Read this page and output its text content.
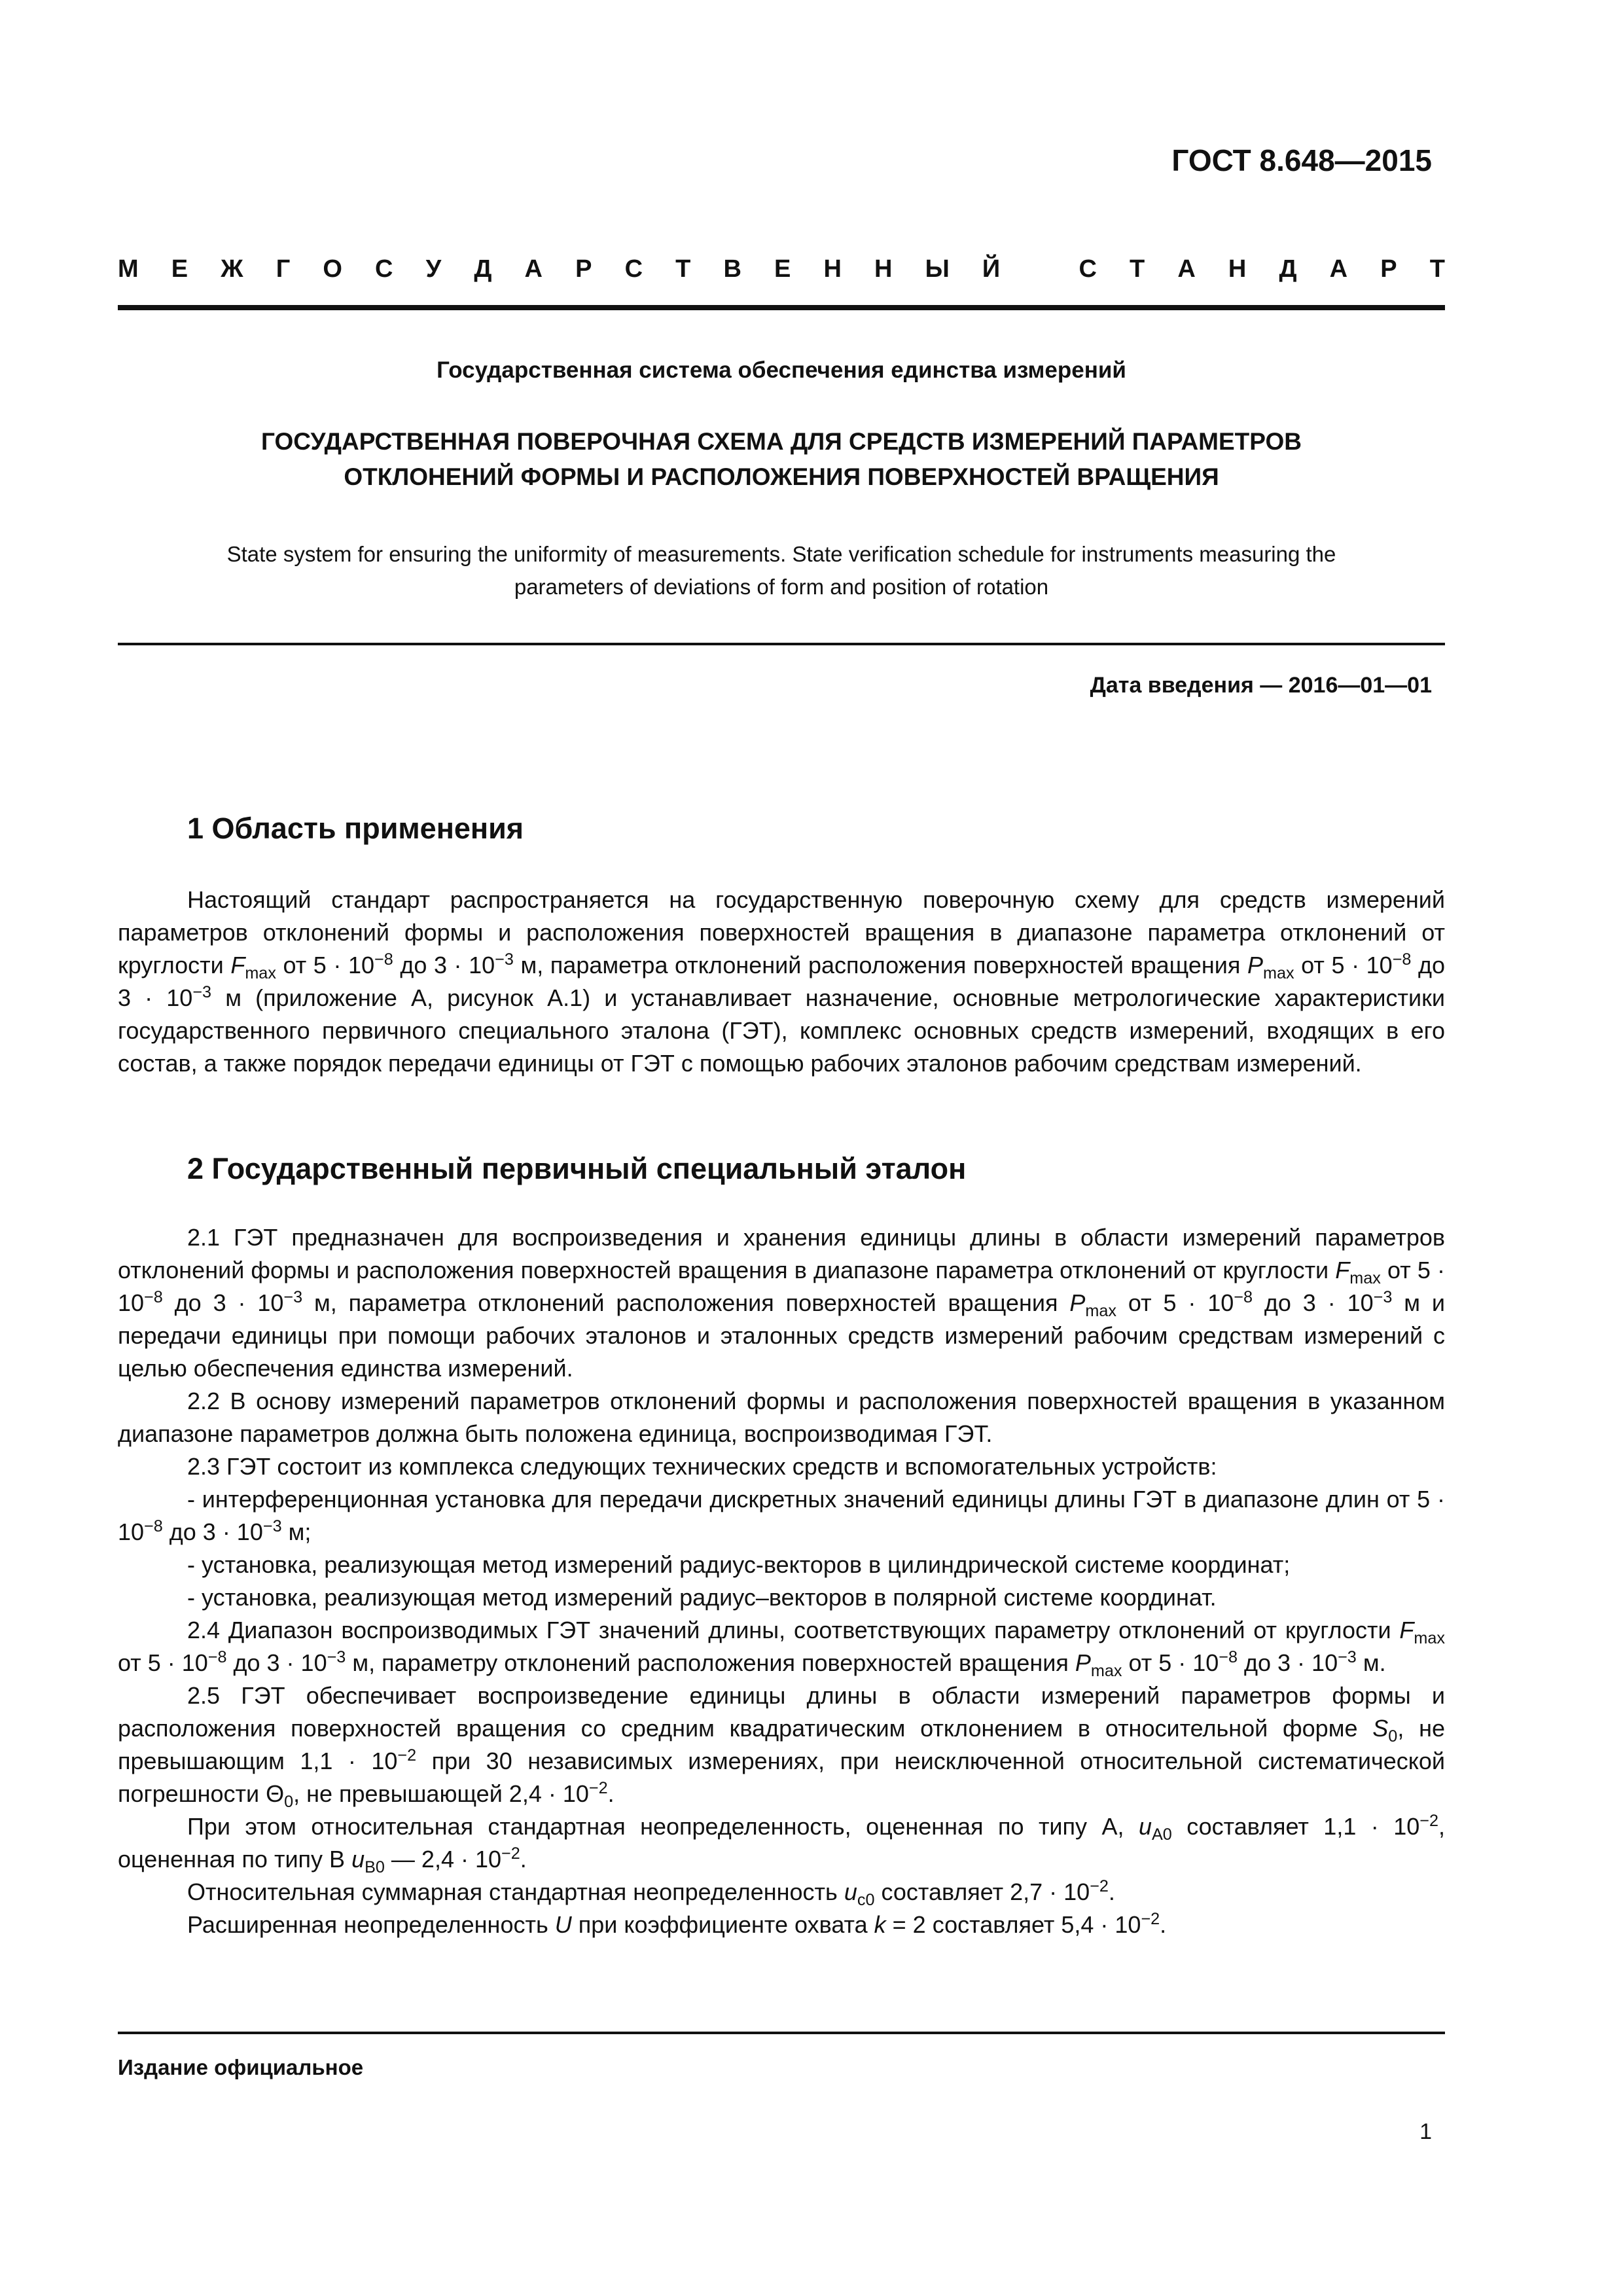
ГОСТ 8.648—2015
М Е Ж Г О С У Д А Р С Т В Е Н Н Ы Й
	С Т А Н Д А Р Т
Государственная система обеспечения единства измерений
ГОСУДАРСТВЕННАЯ ПОВЕРОЧНАЯ СХЕМА ДЛЯ СРЕДСТВ ИЗМЕРЕНИЙ ПАРАМЕТРОВ
ОТКЛОНЕНИЙ ФОРМЫ И РАСПОЛОЖЕНИЯ ПОВЕРХНОСТЕЙ ВРАЩЕНИЯ
State system for ensuring the uniformity of measurements. State verification schedule for instruments measuring the
parameters of deviations of form and position of rotation
Дата введения — 2016—01—01
1 Область применения

Настоящий стандарт распространяется на государственную поверочную схему для средств измерений параметров отклонений формы и расположения поверхностей вращения в диапазоне параметра отклонений от круглости $F_{max}$ от $5 \cdot 10^{-8}$ до $3 \cdot 10^{-3}$ м, параметра отклонений расположения поверхностей вращения $P_{max}$ от $5 \cdot 10^{-8}$ до $3 \cdot 10^{-3}$ м (приложение А, рисунок А.1) и устанавливает назначение, основные метрологические характеристики государственного первичного специального эталона (ГЭТ), комплекс основных средств измерений, входящих в его состав, а также порядок передачи единицы от ГЭТ с помощью рабочих эталонов рабочим средствам измерений.

2 Государственный первичный специальный эталон

2.1 ГЭТ предназначен для воспроизведения и хранения единицы длины в области измерений параметров отклонений формы и расположения поверхностей вращения в диапазоне параметра отклонений от круглости $F_{max}$ от $5 \cdot 10^{-8}$ до $3 \cdot 10^{-3}$ м, параметра отклонений расположения поверхностей вращения $P_{max}$ от $5 \cdot 10^{-8}$ до $3 \cdot 10^{-3}$ м и передачи единицы при помощи рабочих эталонов и эталонных средств измерений рабочим средствам измерений с целью обеспечения единства измерений.

2.2 В основу измерений параметров отклонений формы и расположения поверхностей вращения в указанном диапазоне параметров должна быть положена единица, воспроизводимая ГЭТ.

2.3 ГЭТ состоит из комплекса следующих технических средств и вспомогательных устройств:

- интерференционная установка для передачи дискретных значений единицы длины ГЭТ в диапазоне длин от $5 \cdot 10^{-8}$ до $3 \cdot 10^{-3}$ м;

- установка, реализующая метод измерений радиус-векторов в цилиндрической системе координат;

- установка, реализующая метод измерений радиус–векторов в полярной системе координат.

2.4 Диапазон воспроизводимых ГЭТ значений длины, соответствующих параметру отклонений от круглости $F_{max}$ от $5 \cdot 10^{-8}$ до $3 \cdot 10^{-3}$ м, параметру отклонений расположения поверхностей вращения $P_{max}$ от $5 \cdot 10^{-8}$ до $3 \cdot 10^{-3}$ м.

2.5 ГЭТ обеспечивает воспроизведение единицы длины в области измерений параметров формы и расположения поверхностей вращения со средним квадратическим отклонением в относительной форме $S_0$, не превышающим $1,1 \cdot 10^{-2}$ при 30 независимых измерениях, при неисключенной относительной систематической погрешности $\Theta_0$, не превышающей $2,4 \cdot 10^{-2}$.

При этом относительная стандартная неопределенность, оцененная по типу А, $u_{A0}$ составляет $1,1 \cdot 10^{-2}$, оцененная по типу В $u_{B0}$ — $2,4 \cdot 10^{-2}$.

Относительная суммарная стандартная неопределенность $u_{c0}$ составляет $2,7 \cdot 10^{-2}$.

Расширенная неопределенность U при коэффициенте охвата k = 2 составляет $5,4 \cdot 10^{-2}$.

Издание официальное
1
